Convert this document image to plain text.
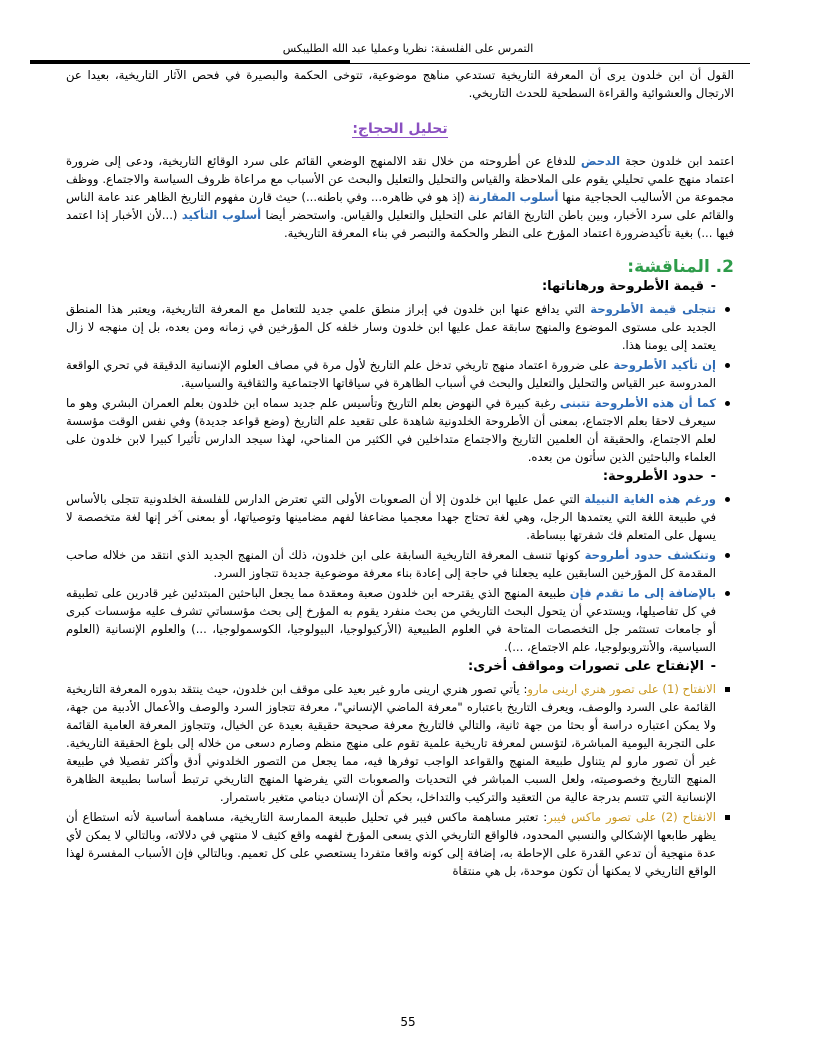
التمرس على الفلسفة: نظريا وعمليا عبد الله الطليبكس

القول أن ابن خلدون يرى أن المعرفة التاريخية تستدعي مناهج موضوعية، تتوخى الحكمة والبصيرة في فحص الآثار التاريخية، بعيدا عن الارتجال والعشوائية والقراءة السطحية للحدث التاريخي.

تحليل الحجاج:

اعتمد ابن خلدون حجة الدحض للدفاع عن أطروحته من خلال نقد الالمنهج الوضعي القائم على سرد الوقائع التاريخية، ودعى إلى ضرورة اعتماد منهج علمي تحليلي يقوم على الملاحظة والقياس والتحليل والتعليل والبحث عن الأسباب مع مراعاة ظروف السياسة والاجتماع. ووظف مجموعة من الأساليب الحجاجية منها أسلوب المقارنة (إذ هو في ظاهره... وفي باطنه...) حيث قارن مفهوم التاريخ الظاهر عند عامة الناس والقائم على سرد الأخبار، وبين باطن التاريخ القائم على التحليل والتعليل والقياس. واستحضر أيضا أسلوب التأكيد (...لأن الأخبار إذا اعتمد فيها ...) بغية تأكيدضرورة اعتماد المؤرخ على النظر والحكمة والتبصر في بناء المعرفة التاريخية.

2. المناقشة:
- قيمة الأطروحة ورهاناتها:
تتجلى قيمة الأطروحة التي يدافع عنها ابن خلدون في إبراز منطق علمي جديد للتعامل مع المعرفة التاريخية، ويعتبر هذا المنطق الجديد على مستوى الموضوع والمنهج سابقة عمل عليها ابن خلدون وسار خلفه كل المؤرخين في زمانه ومن بعده، بل إن منهجه لا زال يعتمد إلى يومنا هذا.
إن تأكيد الأطروحة على ضرورة اعتماد منهج تاريخي تدخل علم التاريخ لأول مرة في مصاف العلوم الإنسانية الدقيقة في تحري الواقعة المدروسة عبر القياس والتحليل والتعليل والبحث في أسباب الظاهرة في سياقاتها الاجتماعية والثقافية والسياسية.
كما أن هذه الأطروحة تتبنى رغبة كبيرة في النهوض بعلم التاريخ وتأسيس علم جديد سماه ابن خلدون بعلم العمران البشري وهو ما سيعرف لاحقا بعلم الاجتماع، بمعنى أن الأطروحة الخلدونية شاهدة على تقعيد علم التاريخ (وضع قواعد جديدة) وفي نفس الوقت مؤسسة لعلم الاجتماع، والحقيقة أن العلمين التاريخ والاجتماع متداخلين في الكثير من المناحي، لهذا سيجد الدارس تأثيرا كبيرا لابن خلدون على العلماء والباحثين الذين سأتون من بعده.
- حدود الأطروحة:
ورغم هذه الغاية النبيلة التي عمل عليها ابن خلدون إلا أن الصعوبات الأولى التي تعترض الدارس للفلسفة الخلدونية تتجلى بالأساس في طبيعة اللغة التي يعتمدها الرجل، وهي لغة تحتاج جهدا معجميا مضاعفا لفهم مضامينها وتوصياتها، أو بمعنى آخر إنها لغة متخصصة لا يسهل على المتعلم فك شفرتها ببساطة.
وتنكشف حدود أطروحة كونها تنسف المعرفة التاريخية السابقة على ابن خلدون، ذلك أن المنهج الجديد الذي انتقد من خلاله صاحب المقدمة كل المؤرخين السابقين عليه يجعلنا في حاجة إلى إعادة بناء معرفة موضوعية جديدة تتجاوز السرد.
بالإضافة إلى ما تقدم فإن طبيعة المنهج الذي يقترحه ابن خلدون صعبة ومعقدة مما يجعل الباحثين المبتدئين غير قادرين على تطبيقه في كل تفاصيلها، ويستدعي أن يتحول البحث التاريخي من بحث منفرد يقوم به المؤرخ إلى بحث مؤسساتي تشرف عليه مؤسسات كبرى أو جامعات تستثمر جل التخصصات المتاحة في العلوم الطبيعية (الأركيولوجيا، البيولوجيا، الكوسمولوجيا، ...) والعلوم الإنسانية (العلوم السياسية، والأنتروبولوجيا، علم الاجتماع، ...).
- الإنفتاح على تصورات ومواقف أخرى:
الانفتاح (1) على تصور هنري ارينى مارو: يأتي تصور هنري ارينى مارو غير بعيد على موقف ابن خلدون، حيث ينتقد بدوره المعرفة التاريخية القائمة على السرد والوصف، ويعرف التاريخ باعتباره "معرفة الماضي الإنساني"، معرفة تتجاوز السرد والوصف والأعمال الأدبية من جهة، ولا يمكن اعتباره دراسة أو بحثا من جهة ثانية، والتالي فالتاريخ معرفة صحيحة حقيقية بعيدة عن الخيال، وتتجاوز المعرفة العامية القائمة على التجربة اليومية المباشرة، لتؤسس لمعرفة تاريخية علمية تقوم على منهج منظم وصارم دسعى من خلاله إلى بلوغ الحقيقة التاريخية. غير أن تصور مارو لم يتناول طبيعة المنهج والقواعد الواجب توفرها فيه، مما يجعل من التصور الخلدوني أدق وأكثر تفصيلا في طبيعة المنهج التاريخ وخصوصيته، ولعل السبب المباشر في التحديات والصعوبات التي يفرضها المنهج التاريخي ترتبط أساسا بطبيعة الظاهرة الإنسانية التي تتسم بدرجة عالية من التعقيد والتركيب والتداخل، بحكم أن الإنسان دينامي متغير باستمرار.
الانفتاح (2) على تصور ماكس فيبر: تعتبر مساهمة ماكس فيبر في تحليل طبيعة الممارسة التاريخية، مساهمة أساسية لأنه استطاع أن يظهر طابعها الإشكالي والنسبي المحدود، فالواقع التاريخي الذي يسعى المؤرخ لفهمه واقع كثيف لا منتهي في دلالاته، وبالتالي لا يمكن لأي عدة منهجية أن تدعي القدرة على الإحاطة به، إضافة إلى كونه واقعا متفردا يستعصي على كل تعميم. وبالتالي فإن الأسباب المفسرة لهذا الواقع التاريخي لا يمكنها أن تكون موحدة، بل هي منتقاة
55
